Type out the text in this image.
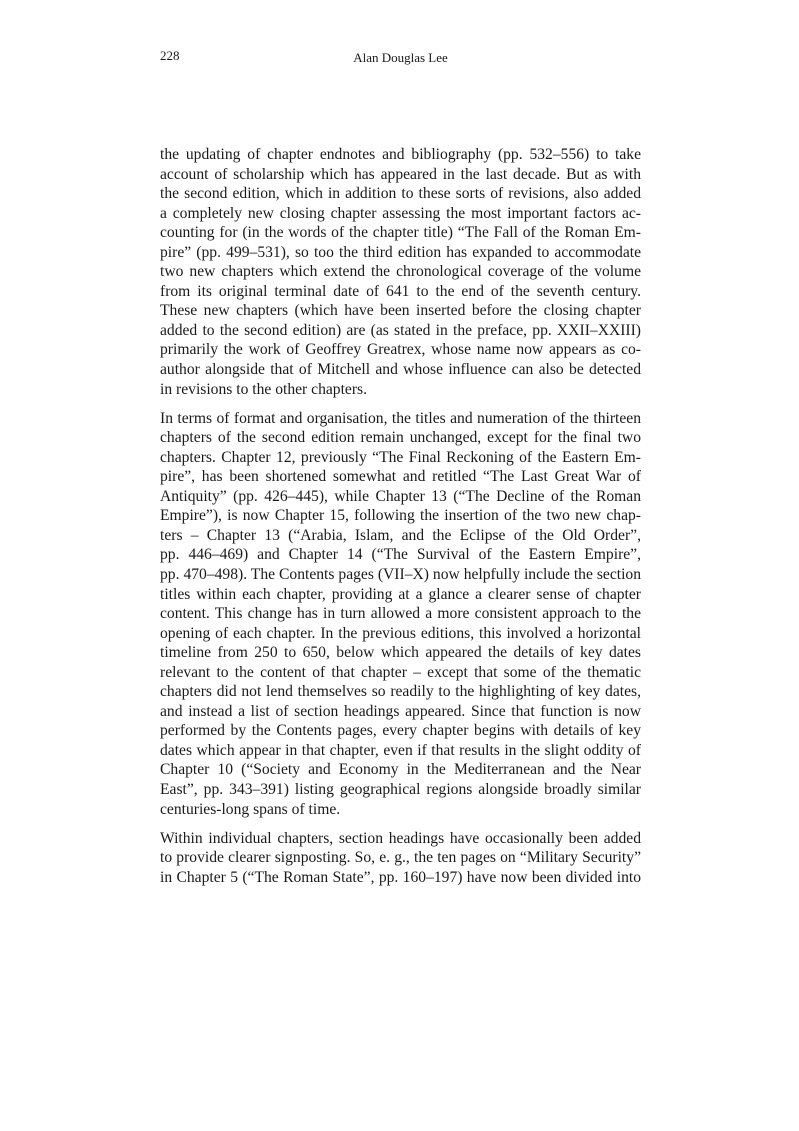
228	Alan Douglas Lee
the updating of chapter endnotes and bibliography (pp. 532–556) to take
account of scholarship which has appeared in the last decade. But as with
the second edition, which in addition to these sorts of revisions, also added
a completely new closing chapter assessing the most important factors ac-
counting for (in the words of the chapter title) “The Fall of the Roman Em-
pire” (pp. 499–531), so too the third edition has expanded to accommodate
two new chapters which extend the chronological coverage of the volume
from its original terminal date of 641 to the end of the seventh century.
These new chapters (which have been inserted before the closing chapter
added to the second edition) are (as stated in the preface, pp. XXII–XXIII)
primarily the work of Geoffrey Greatrex, whose name now appears as co-
author alongside that of Mitchell and whose influence can also be detected
in revisions to the other chapters.
In terms of format and organisation, the titles and numeration of the thirteen
chapters of the second edition remain unchanged, except for the final two
chapters. Chapter 12, previously “The Final Reckoning of the Eastern Em-
pire”, has been shortened somewhat and retitled “The Last Great War of
Antiquity” (pp. 426–445), while Chapter 13 (“The Decline of the Roman
Empire”), is now Chapter 15, following the insertion of the two new chap-
ters – Chapter 13 (“Arabia, Islam, and the Eclipse of the Old Order”,
pp. 446–469) and Chapter 14 (“The Survival of the Eastern Empire”,
pp. 470–498). The Contents pages (VII–X) now helpfully include the section
titles within each chapter, providing at a glance a clearer sense of chapter
content. This change has in turn allowed a more consistent approach to the
opening of each chapter. In the previous editions, this involved a horizontal
timeline from 250 to 650, below which appeared the details of key dates
relevant to the content of that chapter – except that some of the thematic
chapters did not lend themselves so readily to the highlighting of key dates,
and instead a list of section headings appeared. Since that function is now
performed by the Contents pages, every chapter begins with details of key
dates which appear in that chapter, even if that results in the slight oddity of
Chapter 10 (“Society and Economy in the Mediterranean and the Near
East”, pp. 343–391) listing geographical regions alongside broadly similar
centuries-long spans of time.
Within individual chapters, section headings have occasionally been added
to provide clearer signposting. So, e. g., the ten pages on “Military Security”
in Chapter 5 (“The Roman State”, pp. 160–197) have now been divided into
